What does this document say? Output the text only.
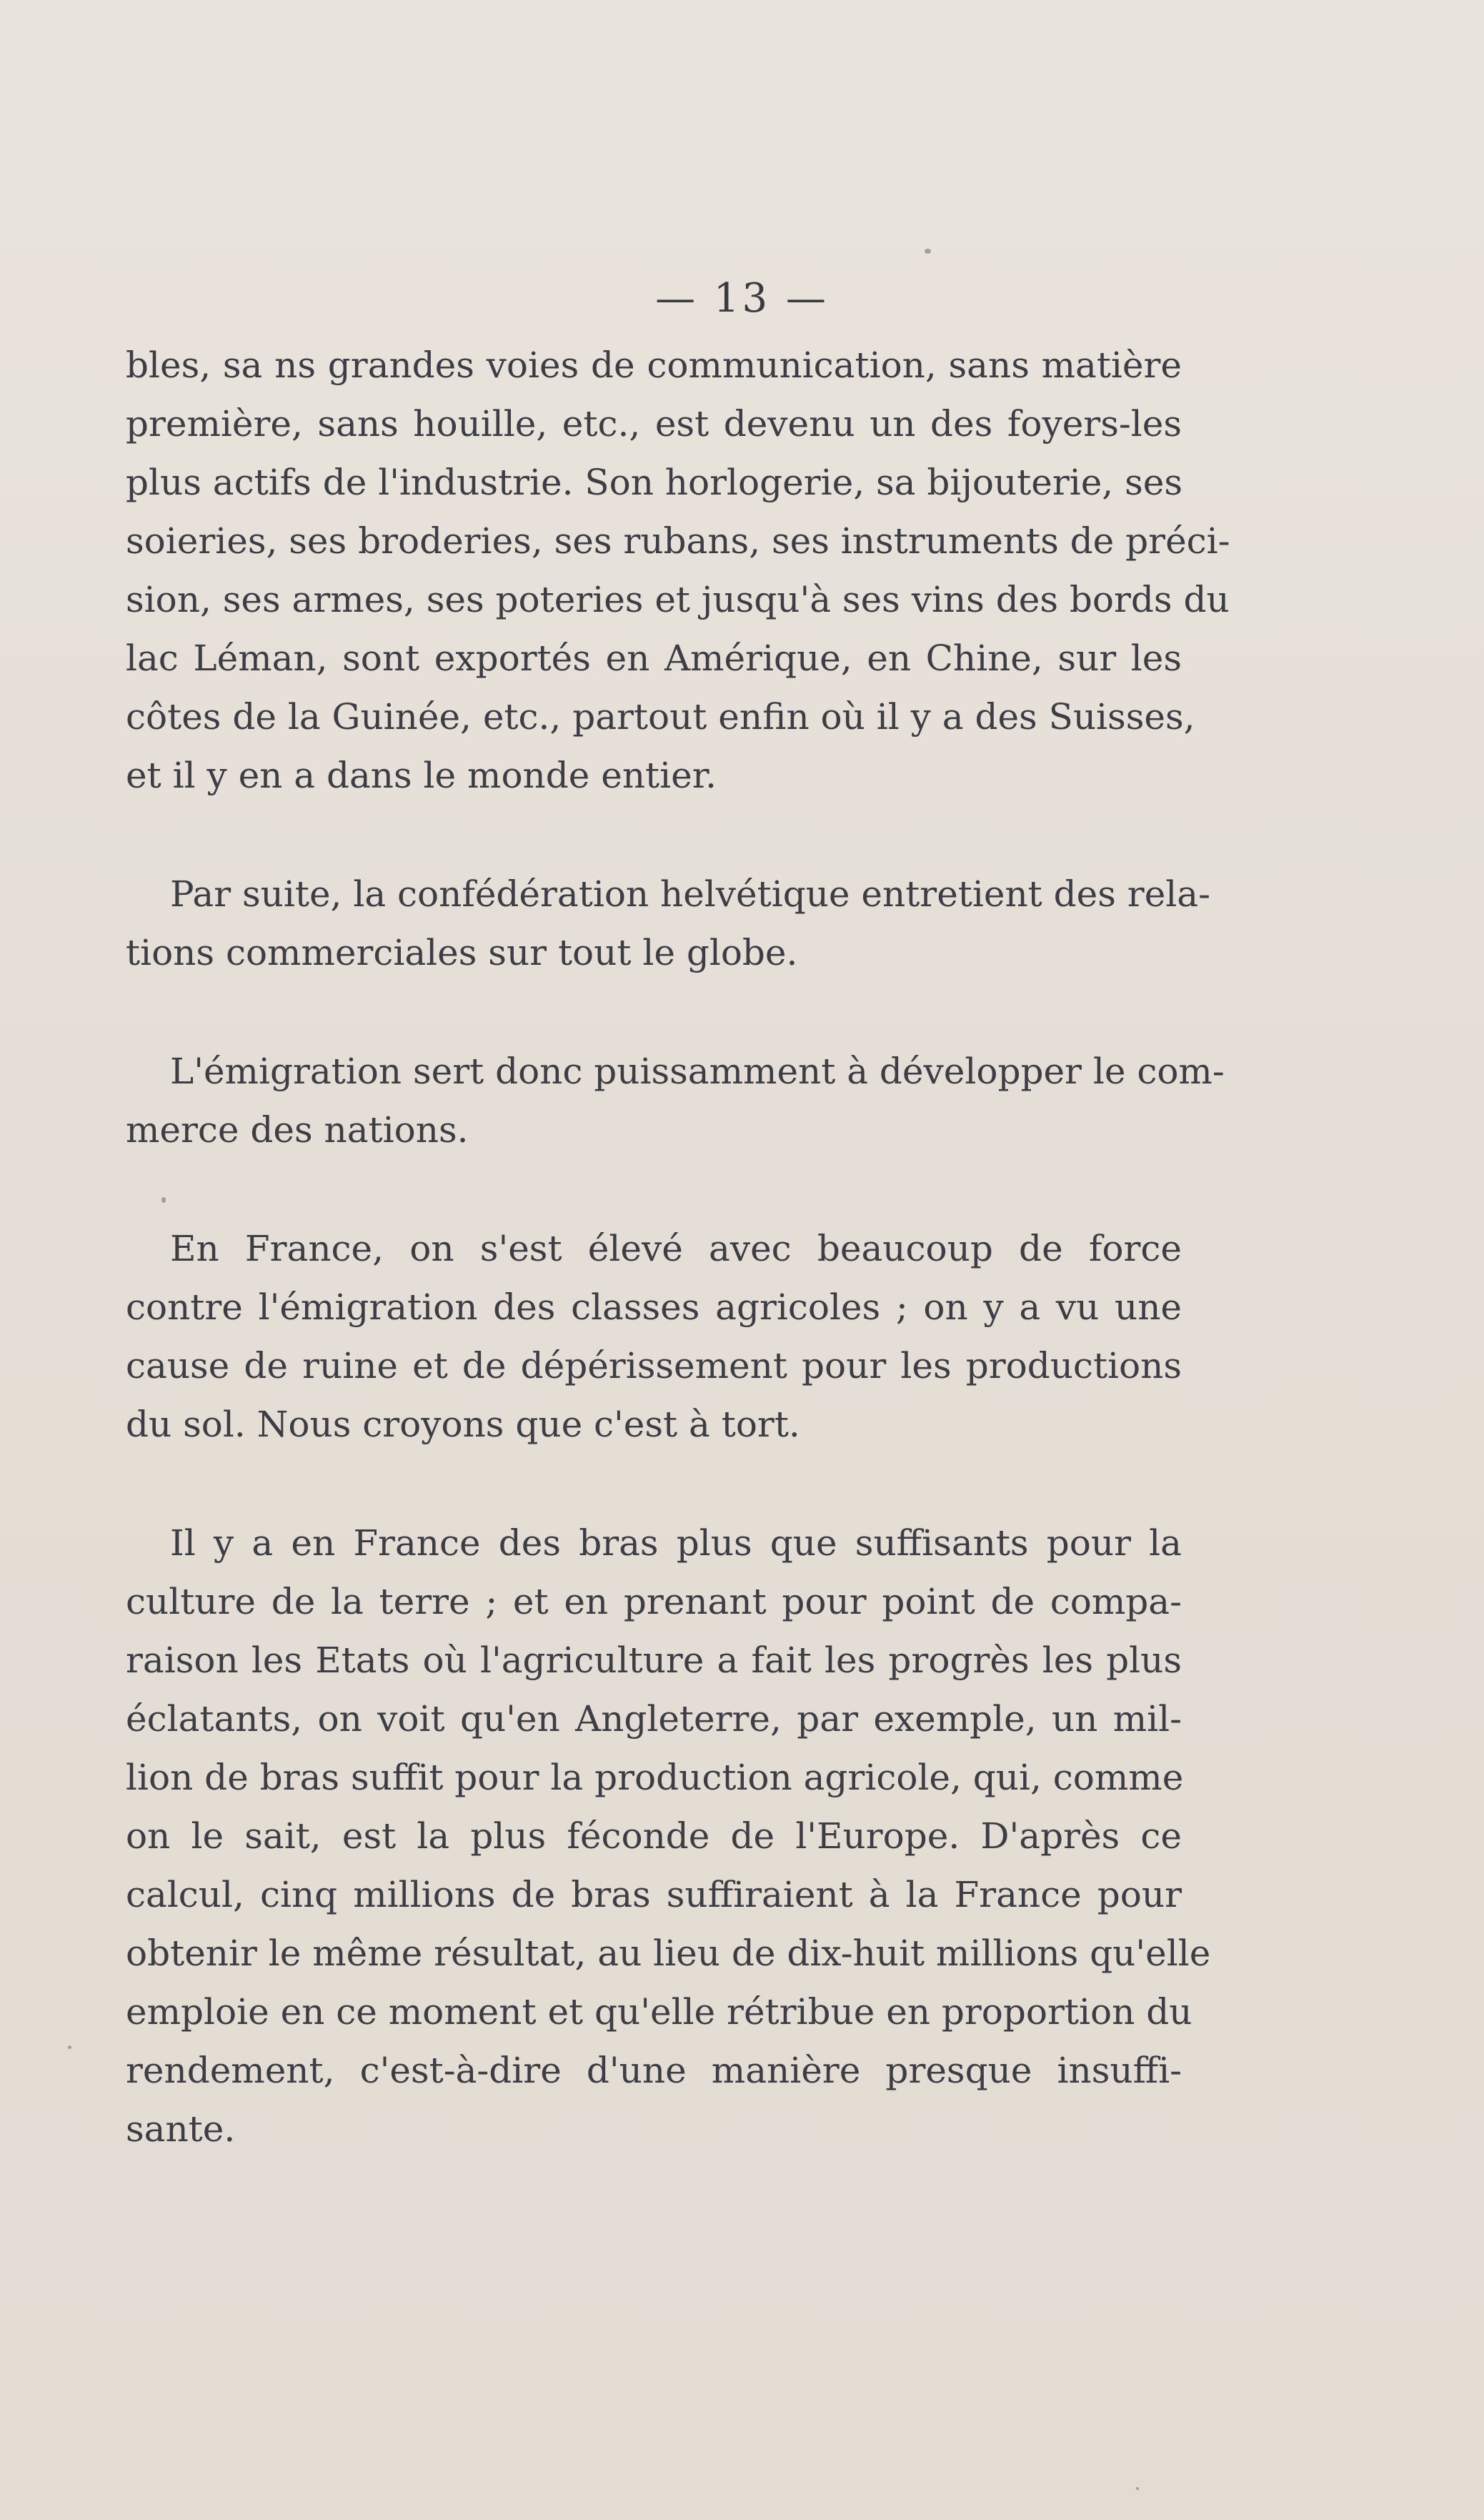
— 13 —
bles, sa ns grandes voies de communication, sans matière
première, sans houille, etc., est devenu un des foyers‑les
plus actifs de l'industrie. Son horlogerie, sa bijouterie, ses
soieries, ses broderies, ses rubans, ses instruments de préci-
sion, ses armes, ses poteries et jusqu'à ses vins des bords du
lac Léman, sont exportés en Amérique, en Chine, sur les
côtes de la Guinée, etc., partout enfin où il y a des Suisses,
et il y en a dans le monde entier.
Par suite, la confédération helvétique entretient des rela-
tions commerciales sur tout le globe.
L'émigration sert donc puissamment à développer le com-
merce des nations.
En France, on s'est élevé avec beaucoup de force
contre l'émigration des classes agricoles ; on y a vu une
cause de ruine et de dépérissement pour les productions
du sol. Nous croyons que c'est à tort.
Il y a en France des bras plus que suffisants pour la
culture de la terre ; et en prenant pour point de compa-
raison les Etats où l'agriculture a fait les progrès les plus
éclatants, on voit qu'en Angleterre, par exemple, un mil-
lion de bras suffit pour la production agricole, qui, comme
on le sait, est la plus féconde de l'Europe. D'après ce
calcul, cinq millions de bras suffiraient à la France pour
obtenir le même résultat, au lieu de dix-huit millions qu'elle
emploie en ce moment et qu'elle rétribue en proportion du
rendement, c'est-à-dire d'une manière presque insuffi-
sante.
